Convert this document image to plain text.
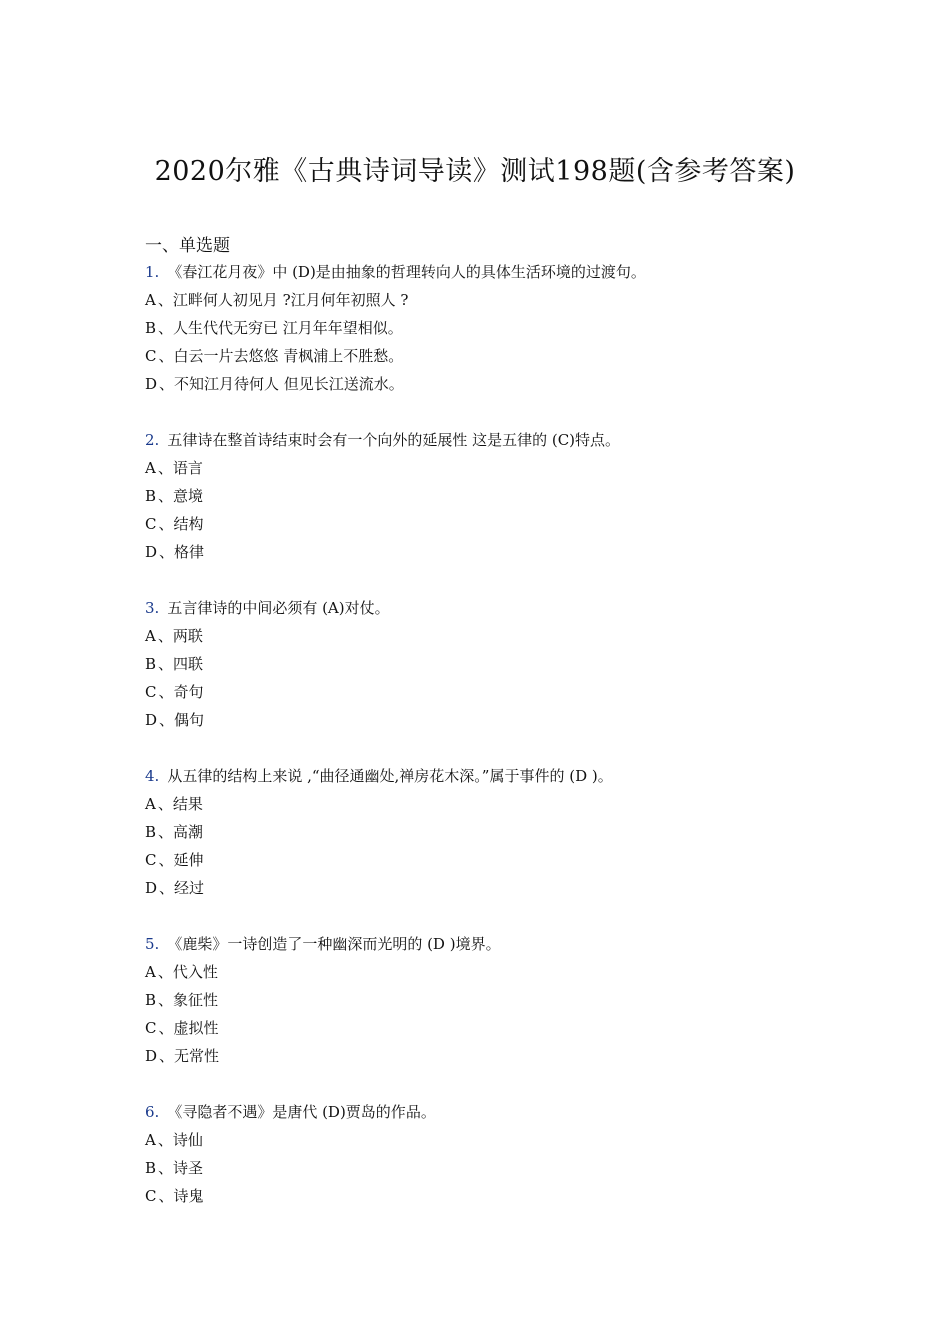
2020尔雅《古典诗词导读》测试198题(含参考答案)
一、单选题
1. 《春江花月夜》中 (D)是由抽象的哲理转向人的具体生活环境的过渡句。
A 、江畔何人初见月 ?江月何年初照人 ?
B 、人生代代无穷已 江月年年望相似。
C 、白云一片去悠悠 青枫浦上不胜愁。
D 、不知江月待何人 但见长江送流水。
2. 五律诗在整首诗结束时会有一个向外的延展性 这是五律的 (C)特点。
A 、语言
B 、意境
C 、结构
D 、格律
3. 五言律诗的中间必须有 (A)对仗。
A 、两联
B 、四联
C 、奇句
D 、偶句
4. 从五律的结构上来说 ,“曲径通幽处,禅房花木深。”属于事件的 (D )。
A 、结果
B 、高潮
C 、延伸
D 、经过
5. 《鹿柴》一诗创造了一种幽深而光明的 (D )境界。
A 、代入性
B 、象征性
C 、虚拟性
D 、无常性
6. 《寻隐者不遇》是唐代 (D)贾岛的作品。
A 、诗仙
B 、诗圣
C 、诗鬼
